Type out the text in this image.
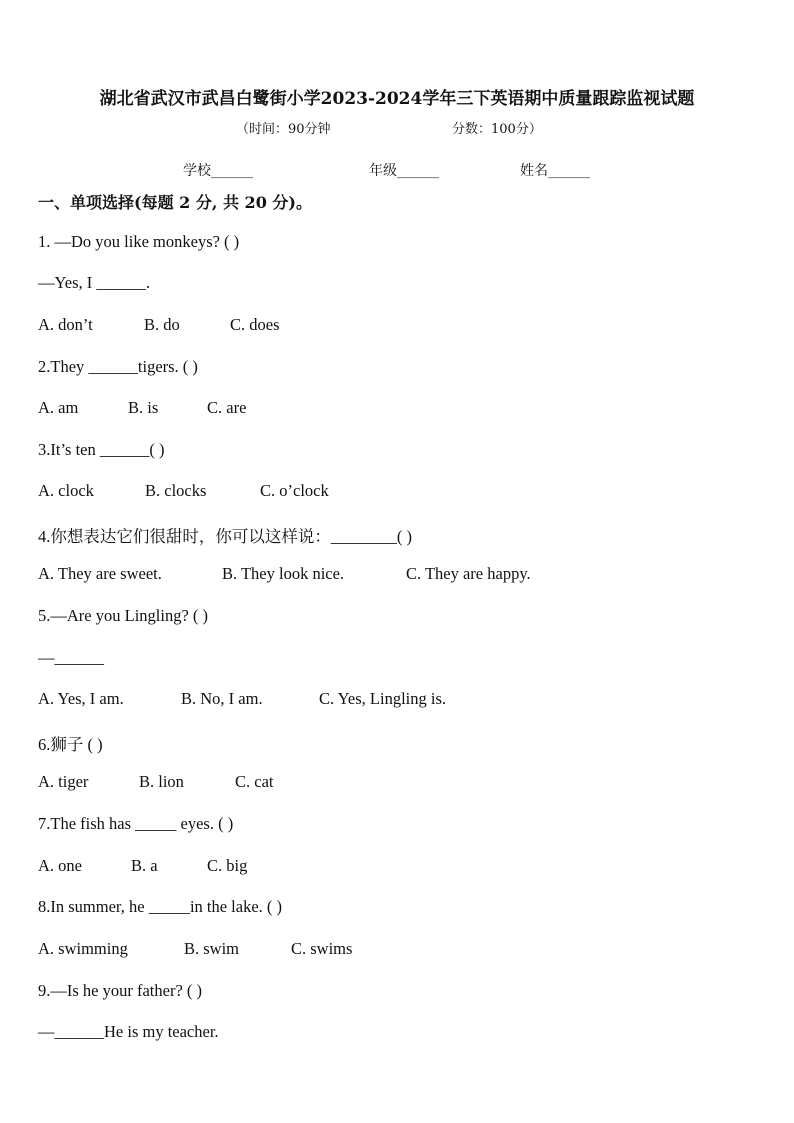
湖北省武汉市武昌白鹭街小学2023-2024学年三下英语期中质量跟踪监视试题
（时间：90分钟	分数：100分）
学校______	年级______	姓名______
一、单项选择(每题 2 分, 共 20 分)。
1. —Do you like monkeys? ( )
—Yes, I ______.
A. don’t	B. do	C. does
2.They ______tigers. ( )
A. am	B. is	C. are
3.It’s ten ______( )
A. clock	B. clocks	C. o’clock
4.你想表达它们很甜时，你可以这样说：________( )
A. They are sweet.	B. They look nice.	C. They are happy.
5.—Are you Lingling? ( )
—______
A. Yes, I am.	B. No, I am.	C. Yes, Lingling is.
6.狮子 ( )
A. tiger	B. lion	C. cat
7.The fish has _____ eyes. ( )
A. one	B. a	C. big
8.In summer, he _____in the lake. ( )
A. swimming	B. swim	C. swims
9.—Is he your father? ( )
—______He is my teacher.
